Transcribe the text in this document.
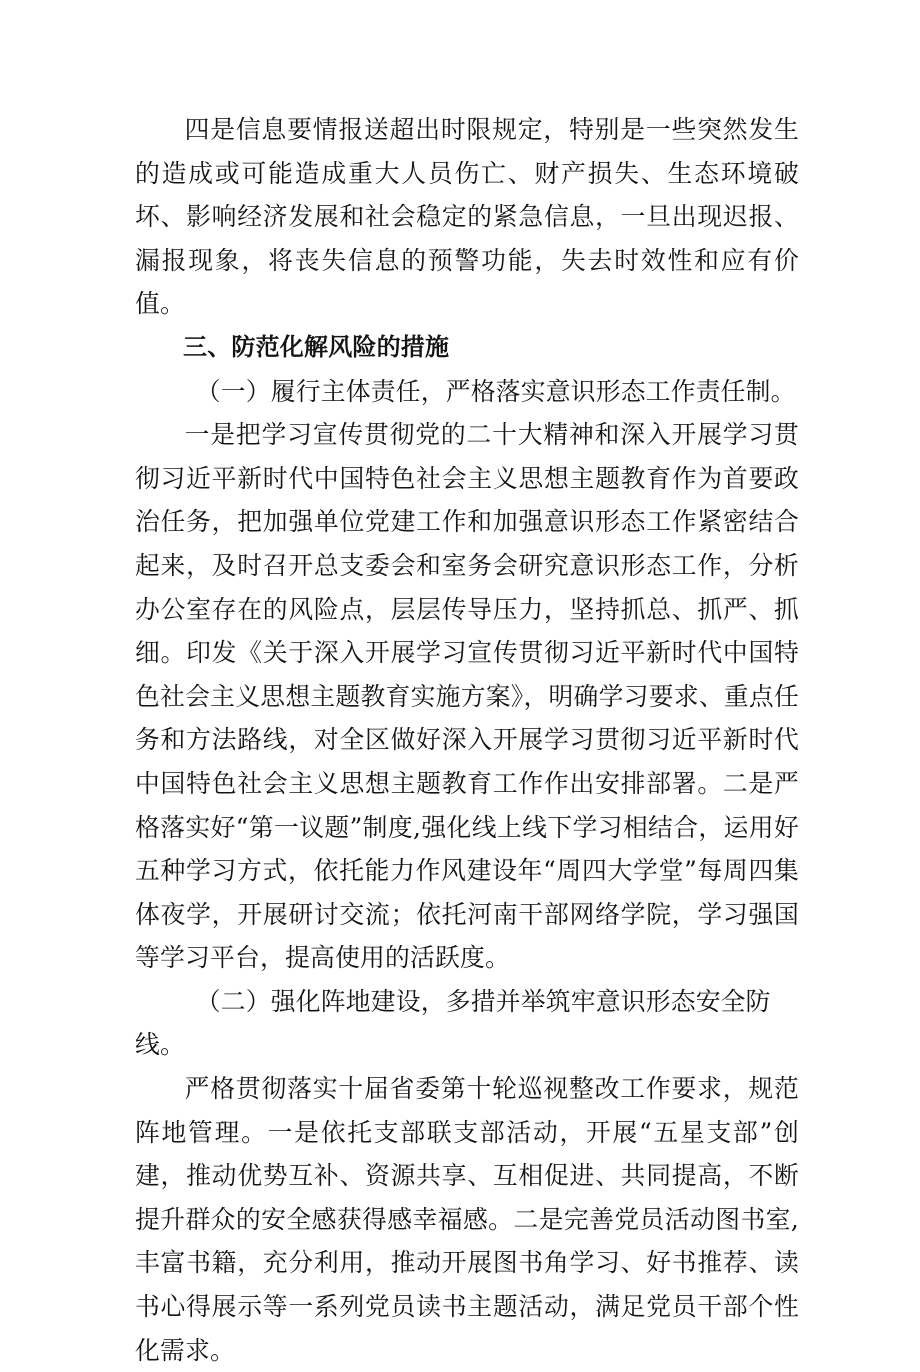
四是信息要情报送超出时限规定，特别是一些突然发生的造成或可能造成重大人员伤亡、财产损失、生态环境破坏、影响经济发展和社会稳定的紧急信息，一旦出现迟报、漏报现象，将丧失信息的预警功能，失去时效性和应有价值。

三、防范化解风险的措施

（一）履行主体责任，严格落实意识形态工作责任制。

一是把学习宣传贯彻党的二十大精神和深入开展学习贯彻习近平新时代中国特色社会主义思想主题教育作为首要政治任务，把加强单位党建工作和加强意识形态工作紧密结合起来，及时召开总支委会和室务会研究意识形态工作，分析办公室存在的风险点，层层传导压力，坚持抓总、抓严、抓细。印发《关于深入开展学习宣传贯彻习近平新时代中国特色社会主义思想主题教育实施方案》，明确学习要求、重点任务和方法路线，对全区做好深入开展学习贯彻习近平新时代中国特色社会主义思想主题教育工作作出安排部署。二是严格落实好“第一议题”制度,强化线上线下学习相结合，运用好五种学习方式，依托能力作风建设年“周四大学堂”每周四集体夜学，开展研讨交流；依托河南干部网络学院，学习强国等学习平台，提高使用的活跃度。

（二）强化阵地建设，多措并举筑牢意识形态安全防线。

严格贯彻落实十届省委第十轮巡视整改工作要求，规范阵地管理。一是依托支部联支部活动，开展“五星支部”创建，推动优势互补、资源共享、互相促进、共同提高，不断提升群众的安全感获得感幸福感。二是完善党员活动图书室,丰富书籍，充分利用，推动开展图书角学习、好书推荐、读书心得展示等一系列党员读书主题活动，满足党员干部个性化需求。
